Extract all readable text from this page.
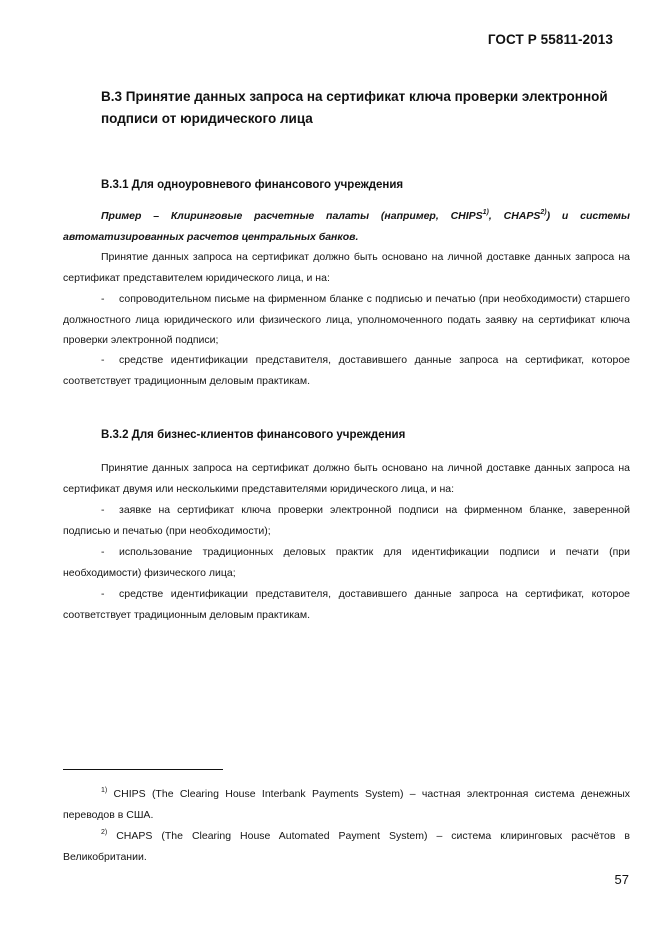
ГОСТ Р 55811-2013
В.3 Принятие данных запроса на сертификат ключа проверки электронной подписи от юридического лица
В.3.1 Для одноуровневого финансового учреждения
Пример – Клиринговые расчетные палаты (например, CHIPS$^{1)}$, CHAPS$^{2)}$) и системы автоматизированных расчетов центральных банков.
Принятие данных запроса на сертификат должно быть основано на личной доставке данных запроса на сертификат представителем юридического лица, и на:
- сопроводительном письме на фирменном бланке с подписью и печатью (при необходимости) старшего должностного лица юридического или физического лица, уполномоченного подать заявку на сертификат ключа проверки электронной подписи;
- средстве идентификации представителя, доставившего данные запроса на сертификат, которое соответствует традиционным деловым практикам.
В.3.2 Для бизнес-клиентов финансового учреждения
Принятие данных запроса на сертификат должно быть основано на личной доставке данных запроса на сертификат двумя или несколькими представителями юридического лица, и на:
- заявке на сертификат ключа проверки электронной подписи на фирменном бланке, заверенной подписью и печатью (при необходимости);
- использование традиционных деловых практик для идентификации подписи и печати (при необходимости) физического лица;
- средстве идентификации представителя, доставившего данные запроса на сертификат, которое соответствует традиционным деловым практикам.
$^{1)}$ CHIPS (The Clearing House Interbank Payments System) – частная электронная система денежных переводов в США.
$^{2)}$ CHAPS (The Clearing House Automated Payment System) – система клиринговых расчётов в Великобритании.
57
